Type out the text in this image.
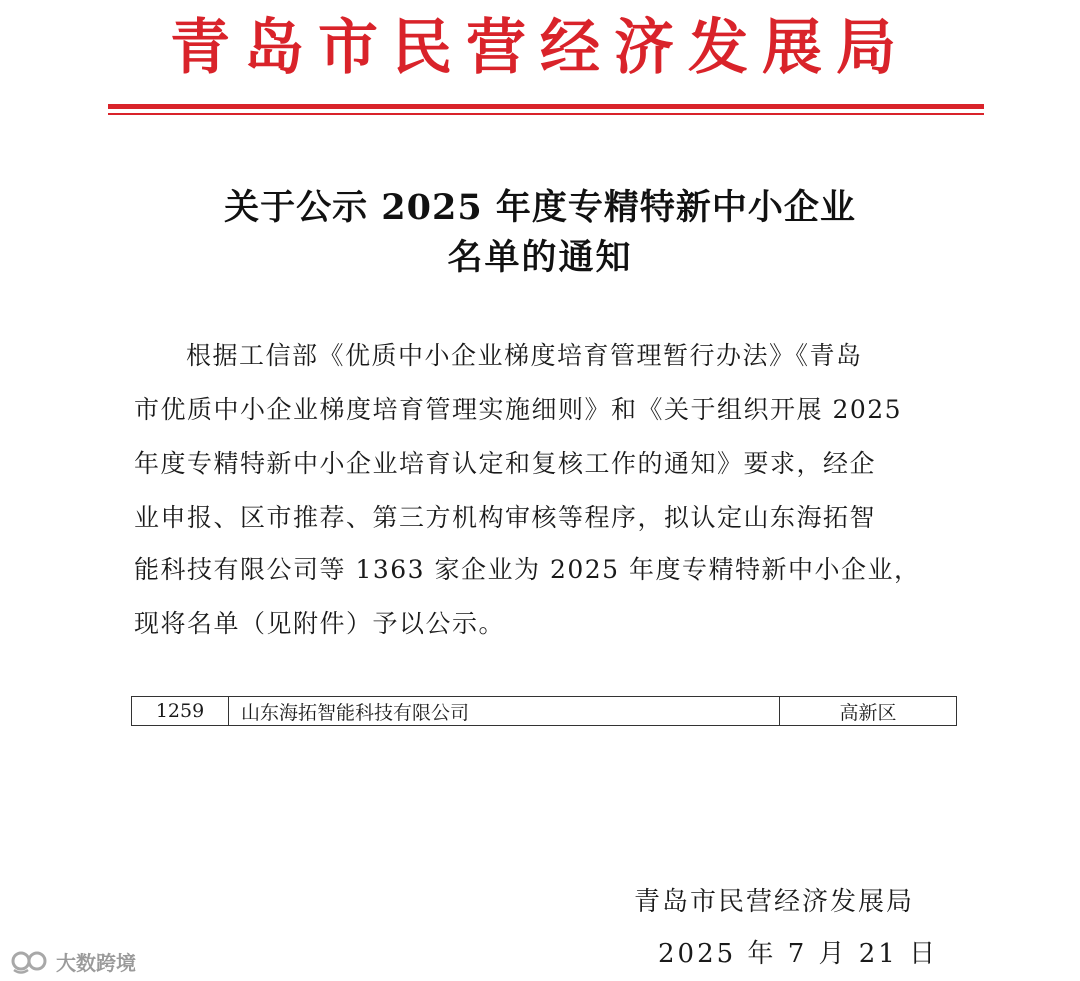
青岛市民营经济发展局
关于公示 2025 年度专精特新中小企业
名单的通知
根据工信部《优质中小企业梯度培育管理暂行办法》《青岛
市优质中小企业梯度培育管理实施细则》和《关于组织开展 2025
年度专精特新中小企业培育认定和复核工作的通知》要求，经企
业申报、区市推荐、第三方机构审核等程序，拟认定山东海拓智
能科技有限公司等 1363 家企业为 2025 年度专精特新中小企业，
现将名单（见附件）予以公示。
1259	山东海拓智能科技有限公司	高新区
青岛市民营经济发展局
2025 年 7 月 21 日
大数跨境
